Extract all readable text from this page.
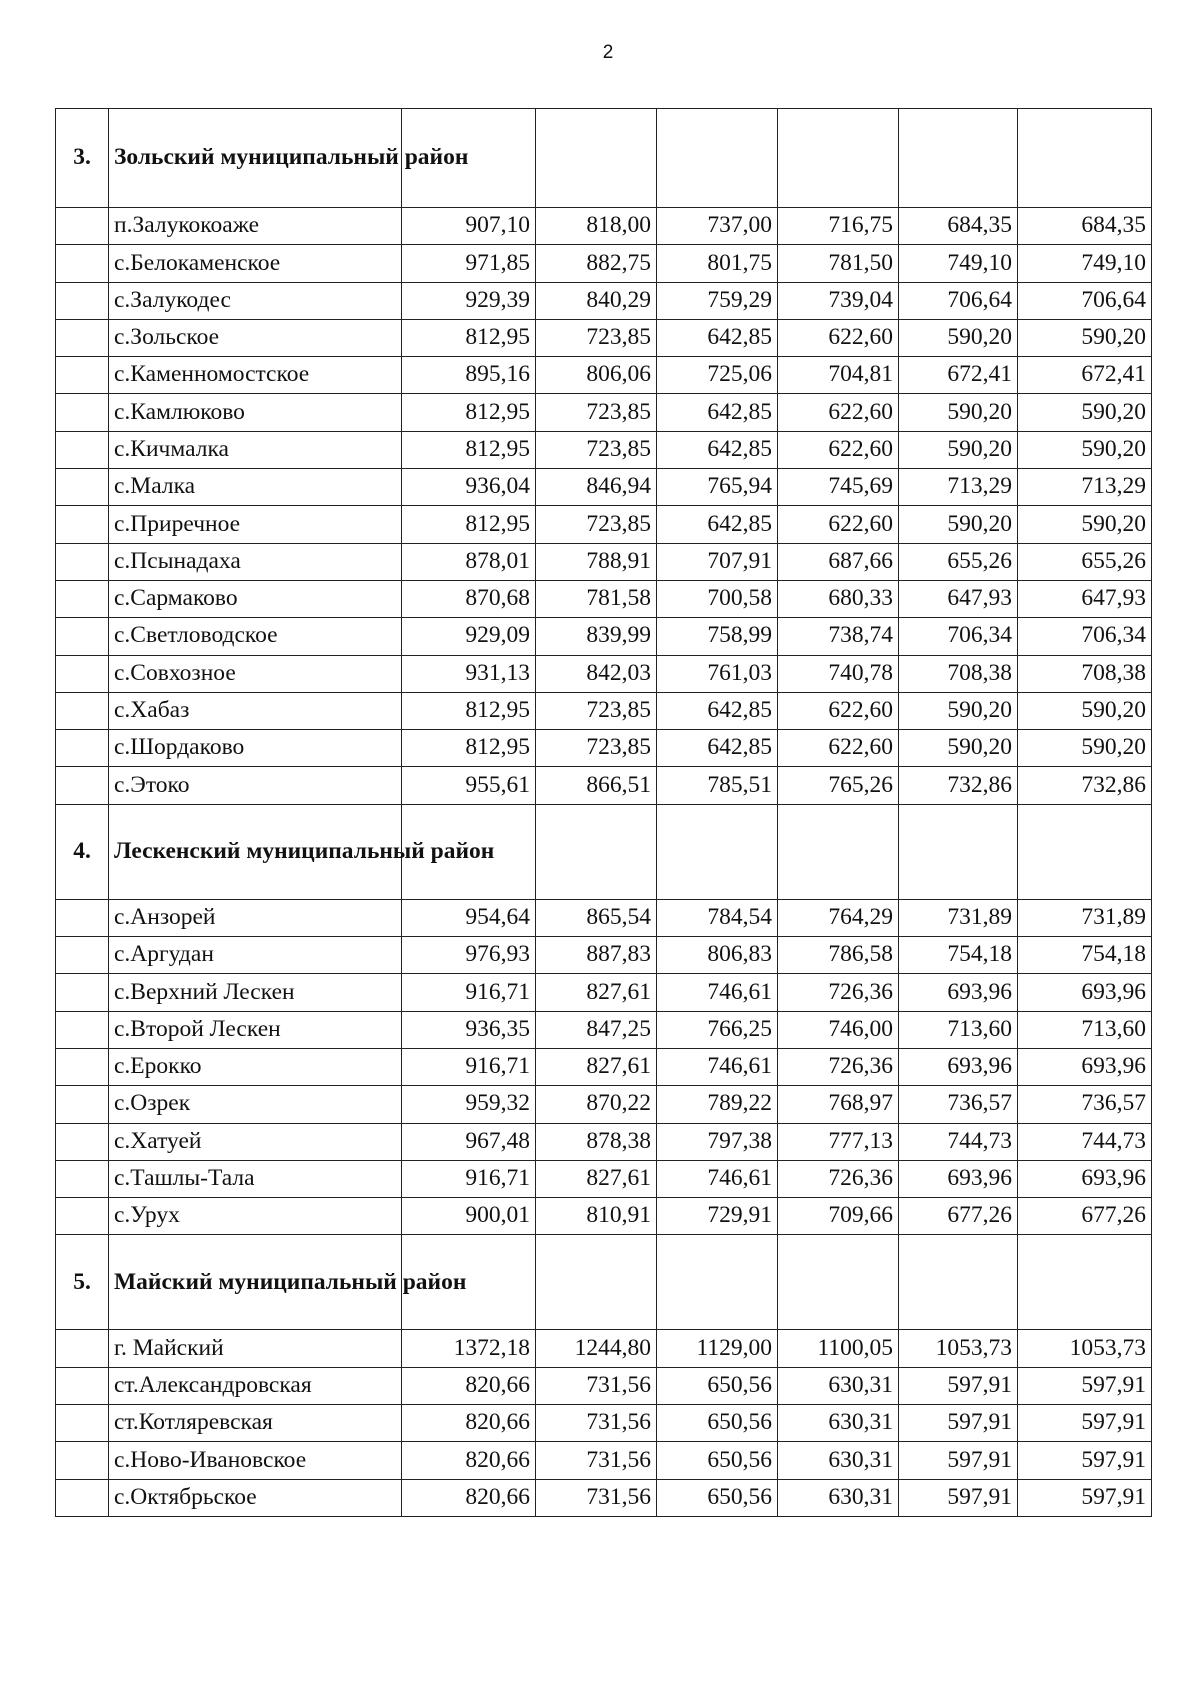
2
3.	Зольский муниципальный район						
	п.Залукокоаже	907,10	818,00	737,00	716,75	684,35	684,35
	с.Белокаменское	971,85	882,75	801,75	781,50	749,10	749,10
	с.Залукодес	929,39	840,29	759,29	739,04	706,64	706,64
	с.Зольское	812,95	723,85	642,85	622,60	590,20	590,20
	с.Каменномостское	895,16	806,06	725,06	704,81	672,41	672,41
	с.Камлюково	812,95	723,85	642,85	622,60	590,20	590,20
	с.Кичмалка	812,95	723,85	642,85	622,60	590,20	590,20
	с.Малка	936,04	846,94	765,94	745,69	713,29	713,29
	с.Приречное	812,95	723,85	642,85	622,60	590,20	590,20
	с.Псынадаха	878,01	788,91	707,91	687,66	655,26	655,26
	с.Сармаково	870,68	781,58	700,58	680,33	647,93	647,93
	с.Светловодское	929,09	839,99	758,99	738,74	706,34	706,34
	с.Совхозное	931,13	842,03	761,03	740,78	708,38	708,38
	с.Хабаз	812,95	723,85	642,85	622,60	590,20	590,20
	с.Шордаково	812,95	723,85	642,85	622,60	590,20	590,20
	с.Этоко	955,61	866,51	785,51	765,26	732,86	732,86
4.	Лескенский муниципальный район						
	с.Анзорей	954,64	865,54	784,54	764,29	731,89	731,89
	с.Аргудан	976,93	887,83	806,83	786,58	754,18	754,18
	с.Верхний Лескен	916,71	827,61	746,61	726,36	693,96	693,96
	с.Второй Лескен	936,35	847,25	766,25	746,00	713,60	713,60
	с.Ерокко	916,71	827,61	746,61	726,36	693,96	693,96
	с.Озрек	959,32	870,22	789,22	768,97	736,57	736,57
	с.Хатуей	967,48	878,38	797,38	777,13	744,73	744,73
	с.Ташлы-Тала	916,71	827,61	746,61	726,36	693,96	693,96
	с.Урух	900,01	810,91	729,91	709,66	677,26	677,26
5.	Майский муниципальный район						
	г. Майский	1372,18	1244,80	1129,00	1100,05	1053,73	1053,73
	ст.Александровская	820,66	731,56	650,56	630,31	597,91	597,91
	ст.Котляревская	820,66	731,56	650,56	630,31	597,91	597,91
	с.Ново-Ивановское	820,66	731,56	650,56	630,31	597,91	597,91
	с.Октябрьское	820,66	731,56	650,56	630,31	597,91	597,91
